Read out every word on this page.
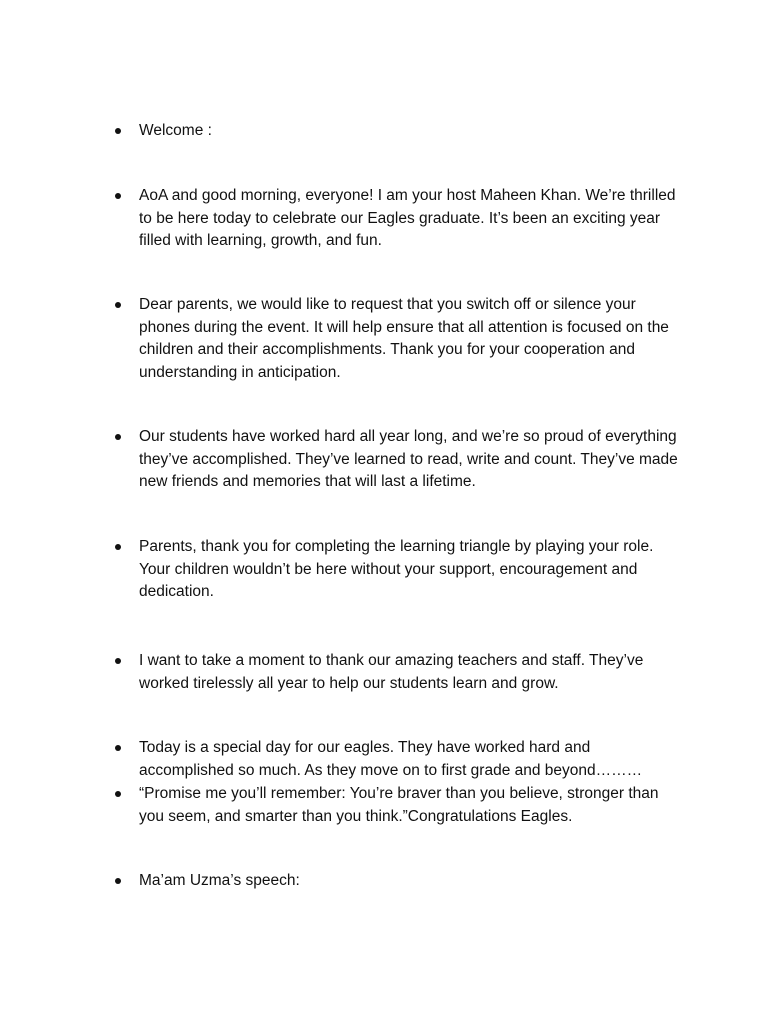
Welcome :
AoA and good morning, everyone! I am your host Maheen Khan. We’re thrilled to be here today to celebrate our Eagles graduate. It’s been an exciting year filled with learning, growth, and fun.
Dear parents, we would like to request that you switch off or silence your phones during the event. It will help ensure that all attention is focused on the children and their accomplishments. Thank you for your cooperation and understanding in anticipation.
Our students have worked hard all year long, and we’re so proud of everything they’ve accomplished. They’ve learned to read, write and count. They’ve made new friends and memories that will last a lifetime.
Parents, thank you for completing the learning triangle by playing your role. Your children wouldn’t be here without your support, encouragement and dedication.
I want to take a moment to thank our amazing teachers and staff. They’ve worked tirelessly all year to help our students learn and grow.
Today is a special day for our eagles. They have worked hard and accomplished so much. As they move on to first grade and beyond………
“Promise me you’ll remember: You’re braver than you believe, stronger than you seem, and smarter than you think.”Congratulations Eagles.
Ma’am Uzma’s speech:
